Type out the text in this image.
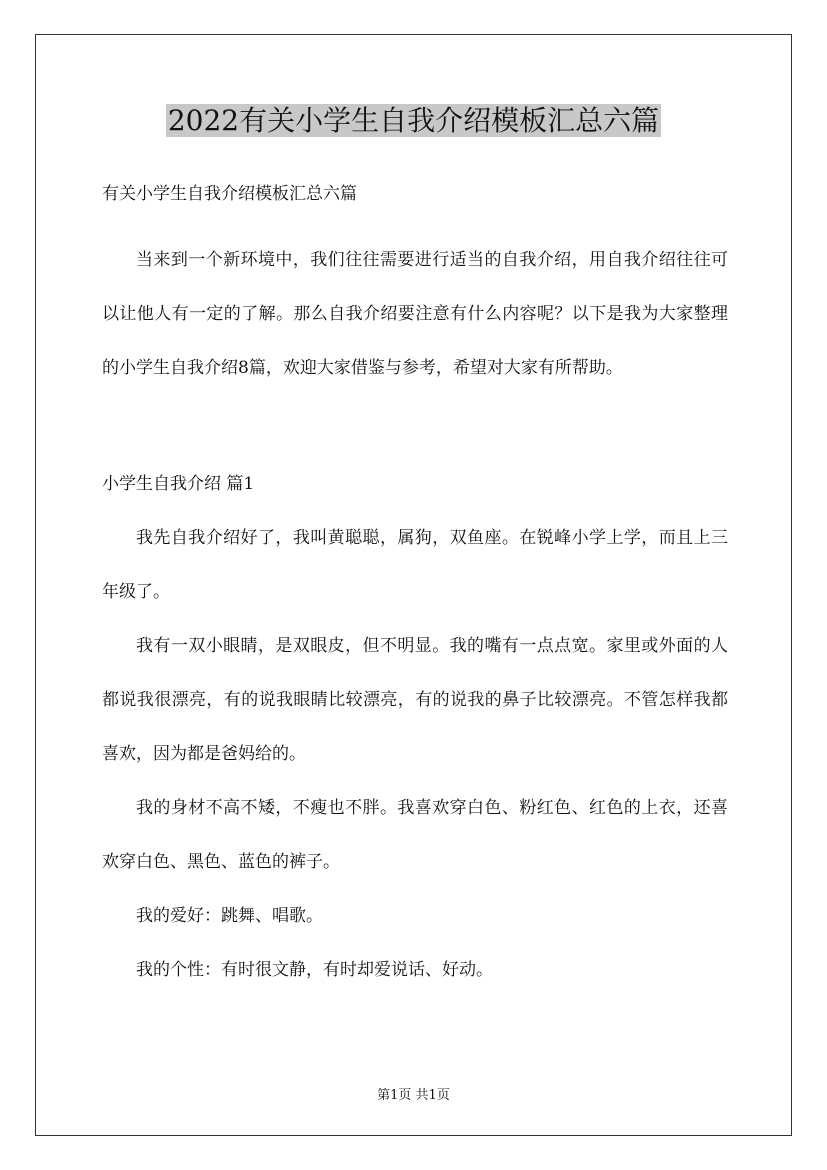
2022有关小学生自我介绍模板汇总六篇

有关小学生自我介绍模板汇总六篇

当来到一个新环境中，我们往往需要进行适当的自我介绍，用自我介绍往往可以让他人有一定的了解。那么自我介绍要注意有什么内容呢？以下是我为大家整理的小学生自我介绍8篇，欢迎大家借鉴与参考，希望对大家有所帮助。

小学生自我介绍 篇1

我先自我介绍好了，我叫黄聪聪，属狗，双鱼座。在锐峰小学上学，而且上三年级了。

我有一双小眼睛，是双眼皮，但不明显。我的嘴有一点点宽。家里或外面的人都说我很漂亮，有的说我眼睛比较漂亮，有的说我的鼻子比较漂亮。不管怎样我都喜欢，因为都是爸妈给的。

我的身材不高不矮，不瘦也不胖。我喜欢穿白色、粉红色、红色的上衣，还喜欢穿白色、黑色、蓝色的裤子。

我的爱好：跳舞、唱歌。

我的个性：有时很文静，有时却爱说话、好动。

第1页 共1页
